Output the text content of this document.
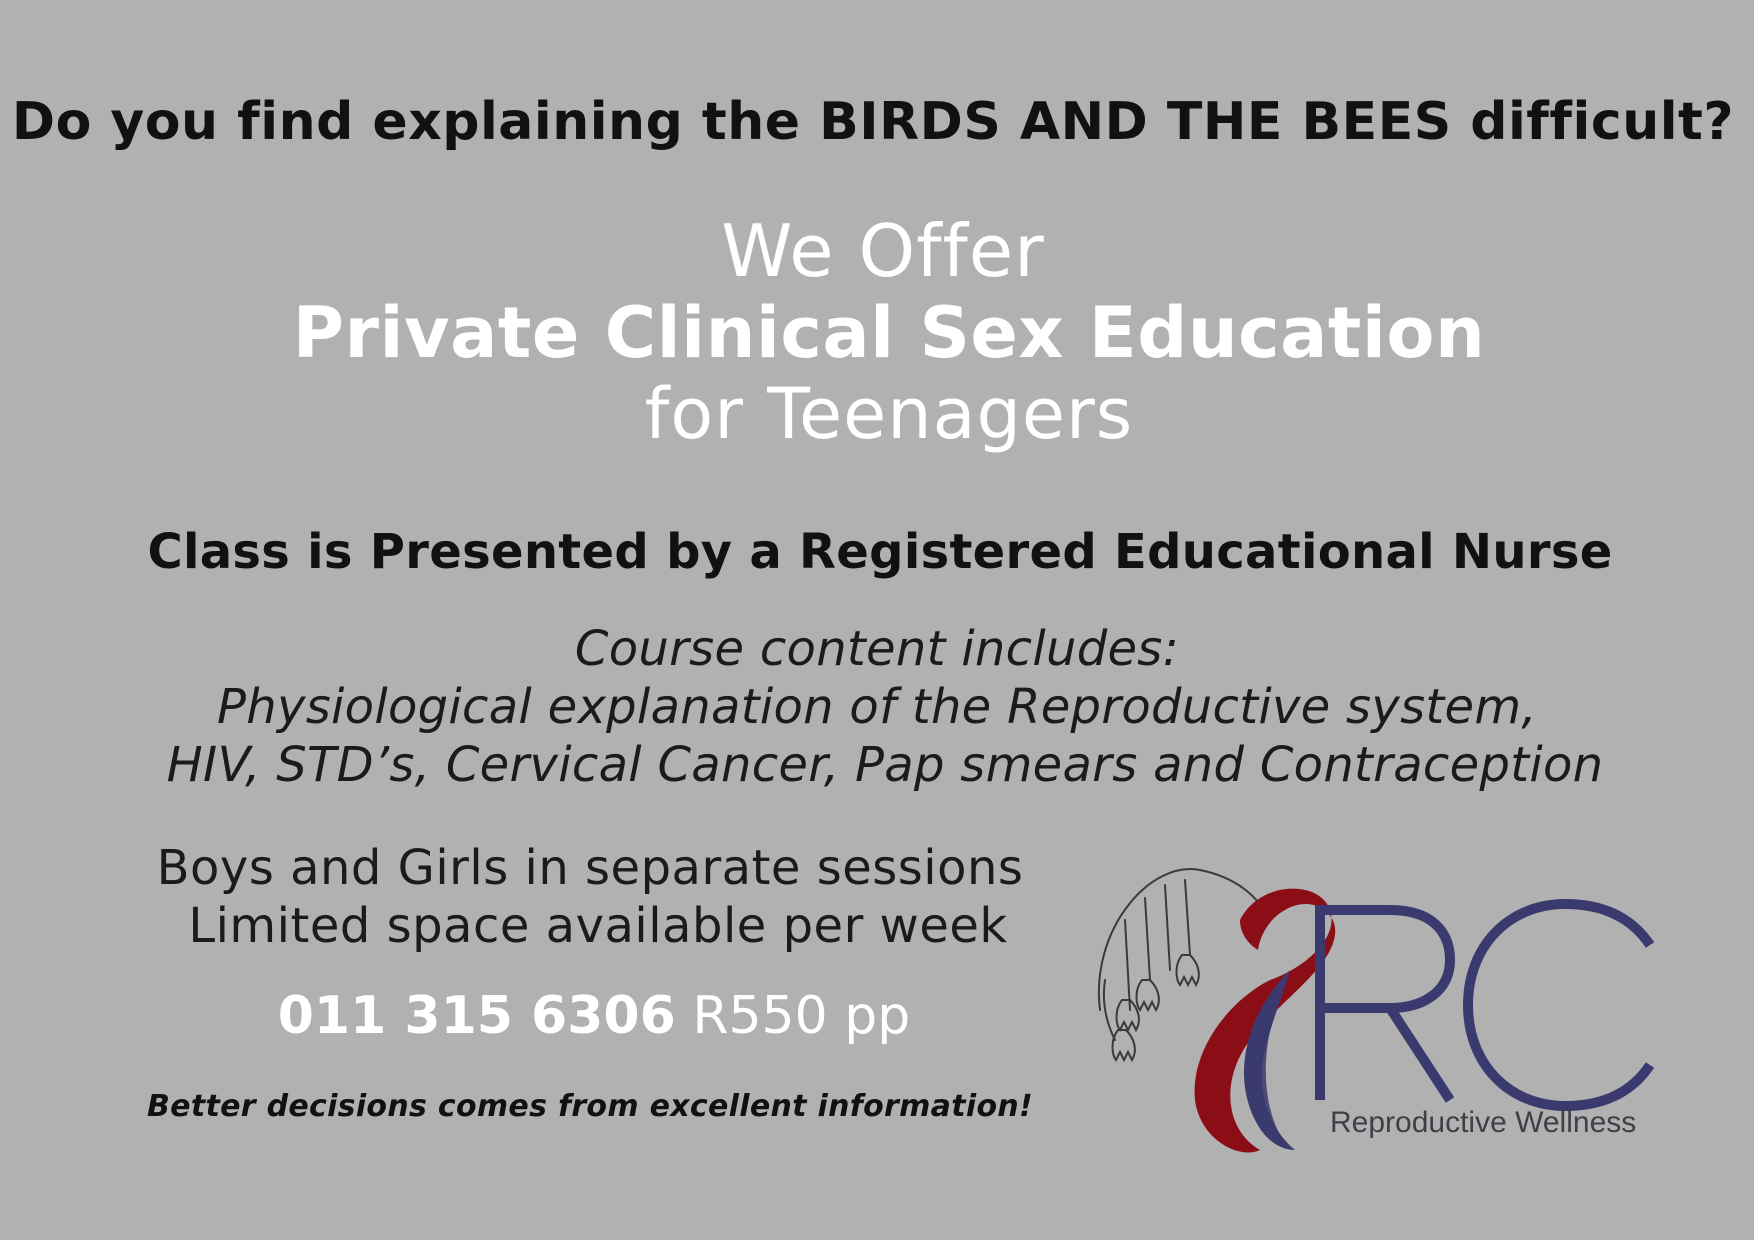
Do you find explaining the BIRDS AND THE BEES difficult?
We Offer
Private Clinical Sex Education
for Teenagers
Class is Presented by a Registered Educational Nurse
Course content includes:
Physiological explanation of the Reproductive system,
HIV, STD’s, Cervical Cancer, Pap smears and Contraception
Boys and Girls in separate sessions
Limited space available per week
011 315 6306 R550 pp
Better decisions comes from excellent information!	Reproductive Wellness
